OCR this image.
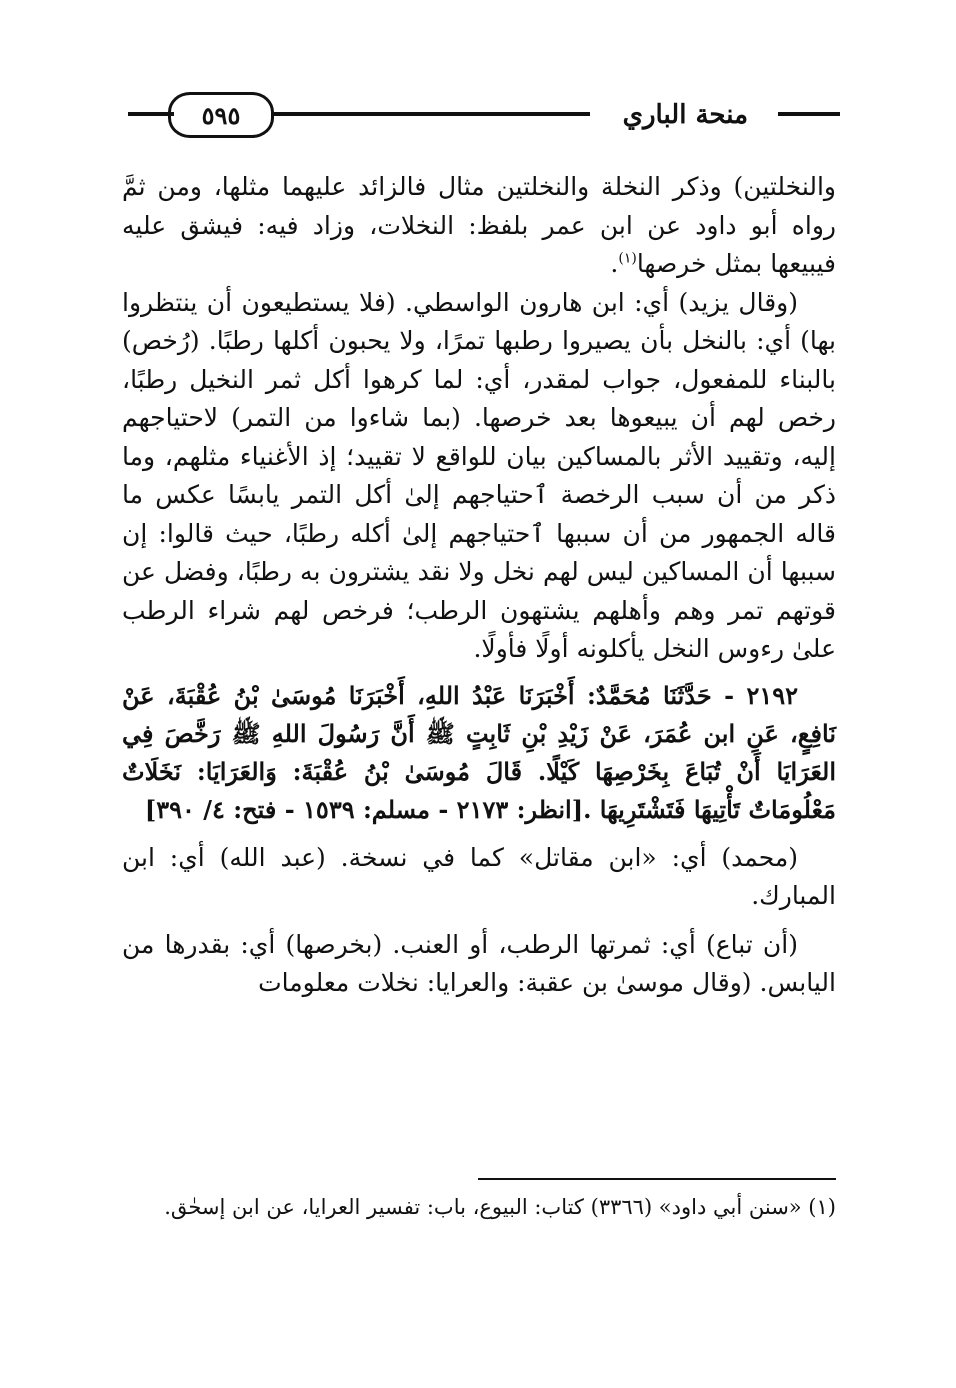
منحة الباري
٥٩٥

والنخلتين) وذكر النخلة والنخلتين مثال فالزائد عليهما مثلها، ومن ثمَّ رواه أبو داود عن ابن عمر بلفظ: النخلات، وزاد فيه: فيشق عليه فيبيعها بمثل خرصها$^{(١)}$.

(وقال يزيد) أي: ابن هارون الواسطي. (فلا يستطيعون أن ينتظروا بها) أي: بالنخل بأن يصيروا رطبها تمرًا، ولا يحبون أكلها رطبًا. (رُخص) بالبناء للمفعول، جواب لمقدر، أي: لما كرهوا أكل ثمر النخيل رطبًا، رخص لهم أن يبيعوها بعد خرصها. (بما شاءوا من التمر) لاحتياجهم إليه، وتقييد الأثر بالمساكين بيان للواقع لا تقييد؛ إذ الأغنياء مثلهم، وما ذكر من أن سبب الرخصة ٱحتياجهم إلىٰ أكل التمر يابسًا عكس ما قاله الجمهور من أن سببها ٱحتياجهم إلىٰ أكله رطبًا، حيث قالوا: إن سببها أن المساكين ليس لهم نخل ولا نقد يشترون به رطبًا، وفضل عن قوتهم تمر وهم وأهلهم يشتهون الرطب؛ فرخص لهم شراء الرطب علىٰ رءوس النخل يأكلونه أولًا فأولًا.

٢١٩٢ - حَدَّثَنَا مُحَمَّدٌ: أَخْبَرَنَا عَبْدُ اللهِ، أَخْبَرَنَا مُوسَىٰ بْنُ عُقْبَةَ، عَنْ نَافِعٍ، عَنِ ابن عُمَرَ، عَنْ زَيْدِ بْنِ ثَابِتٍ ﷺ أَنَّ رَسُولَ اللهِ ﷺ رَخَّصَ فِي العَرَايَا أَنْ تُبَاعَ بِخَرْصِهَا كَيْلًا. قَالَ مُوسَىٰ بْنُ عُقْبَةَ: وَالعَرَايَا: نَخَلَاتٌ مَعْلُومَاتٌ تَأْتِيهَا فَتَشْتَرِيهَا .[انظر: ٢١٧٣ - مسلم: ١٥٣٩ - فتح: ٤/ ٣٩٠]

(محمد) أي: «ابن مقاتل» كما في نسخة. (عبد الله) أي: ابن المبارك.

(أن تباع) أي: ثمرتها الرطب، أو العنب. (بخرصها) أي: بقدرها من اليابس. (وقال موسىٰ بن عقبة: والعرايا: نخلات معلومات

(١) «سنن أبي داود» (٣٣٦٦) كتاب: البيوع، باب: تفسير العرايا، عن ابن إسحٰق.
